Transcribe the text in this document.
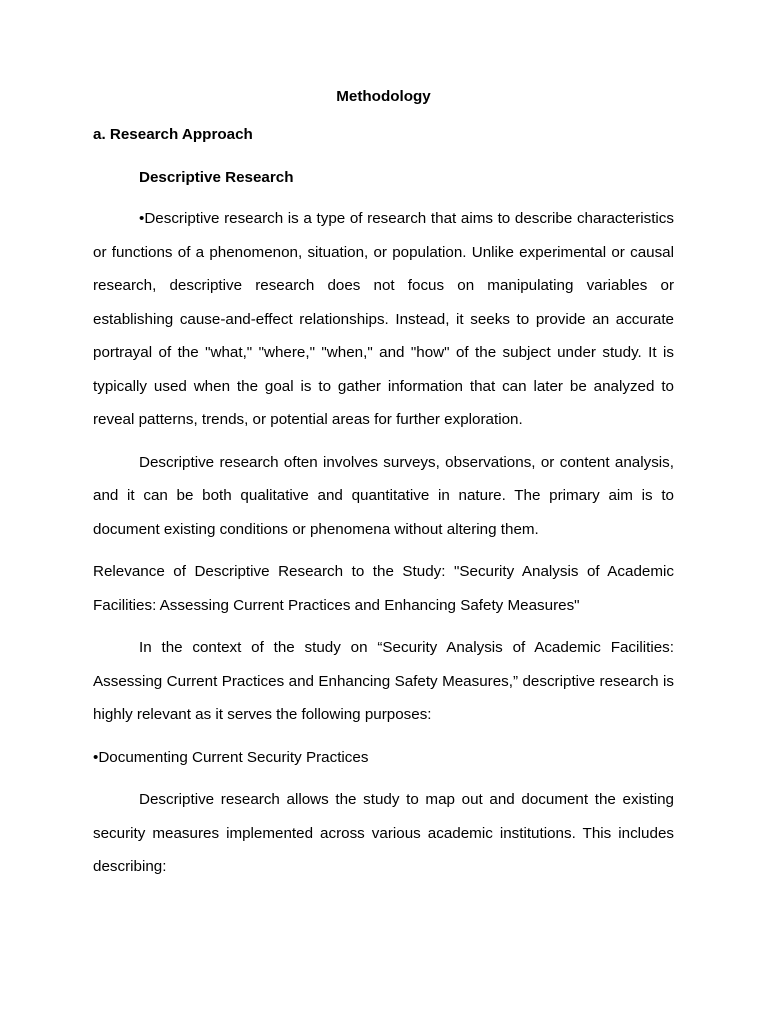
Methodology
a. Research Approach
Descriptive Research

•Descriptive research is a type of research that aims to describe characteristics or functions of a phenomenon, situation, or population. Unlike experimental or causal research, descriptive research does not focus on manipulating variables or establishing cause-and-effect relationships. Instead, it seeks to provide an accurate portrayal of the "what," "where," "when," and "how" of the subject under study. It is typically used when the goal is to gather information that can later be analyzed to reveal patterns, trends, or potential areas for further exploration.

Descriptive research often involves surveys, observations, or content analysis, and it can be both qualitative and quantitative in nature. The primary aim is to document existing conditions or phenomena without altering them.

Relevance of Descriptive Research to the Study: "Security Analysis of Academic Facilities: Assessing Current Practices and Enhancing Safety Measures"

In the context of the study on “Security Analysis of Academic Facilities: Assessing Current Practices and Enhancing Safety Measures,” descriptive research is highly relevant as it serves the following purposes:

•Documenting Current Security Practices

Descriptive research allows the study to map out and document the existing security measures implemented across various academic institutions. This includes describing:
